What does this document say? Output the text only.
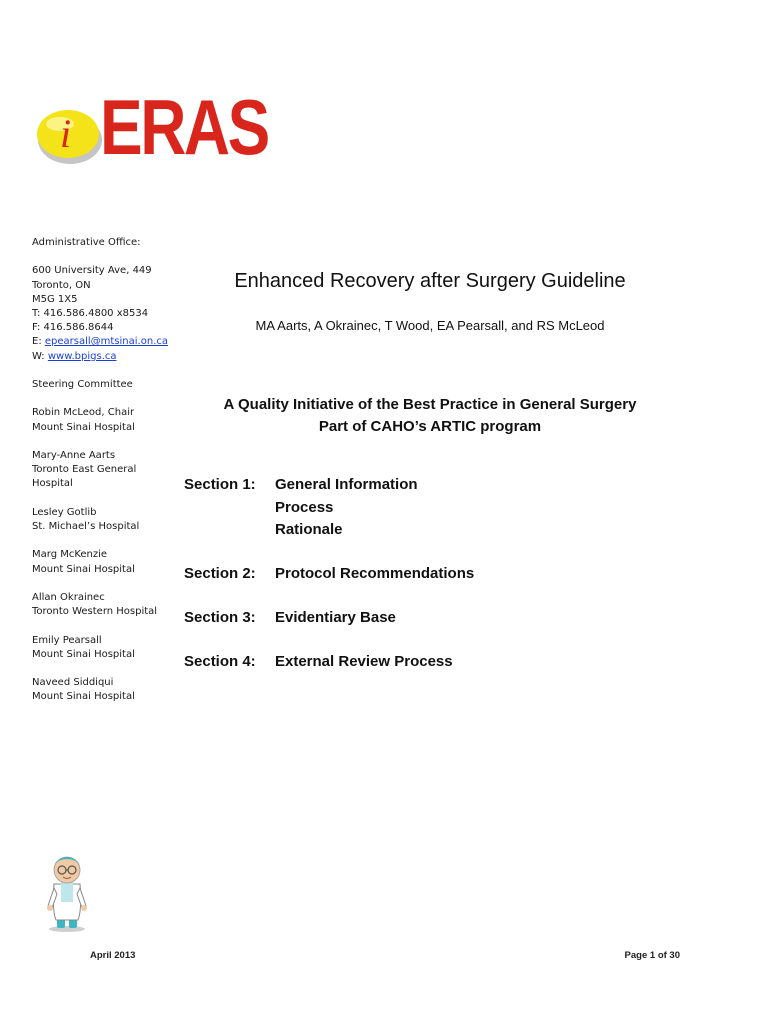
i ERAS
Administrative Office:
600 University Ave, 449
Toronto, ON
M5G 1X5
T: 416.586.4800 x8534
F: 416.586.8644
E: epearsall@mtsinai.on.ca
W: www.bpigs.ca
Steering Committee
Robin McLeod, Chair
Mount Sinai Hospital
Mary-Anne Aarts
Toronto East General
Hospital
Lesley Gotlib
St. Michael’s Hospital
Marg McKenzie
Mount Sinai Hospital
Allan Okrainec
Toronto Western Hospital
Emily Pearsall
Mount Sinai Hospital
Naveed Siddiqui
Mount Sinai Hospital
Enhanced Recovery after Surgery Guideline
MA Aarts, A Okrainec, T Wood, EA Pearsall, and RS McLeod
A Quality Initiative of the Best Practice in General Surgery
Part of CAHO’s ARTIC program
Section 1:	General Information
Process
Rationale
Section 2:	Protocol Recommendations
Section 3:	Evidentiary Base
Section 4:	External Review Process
April 2013	Page 1 of 30
